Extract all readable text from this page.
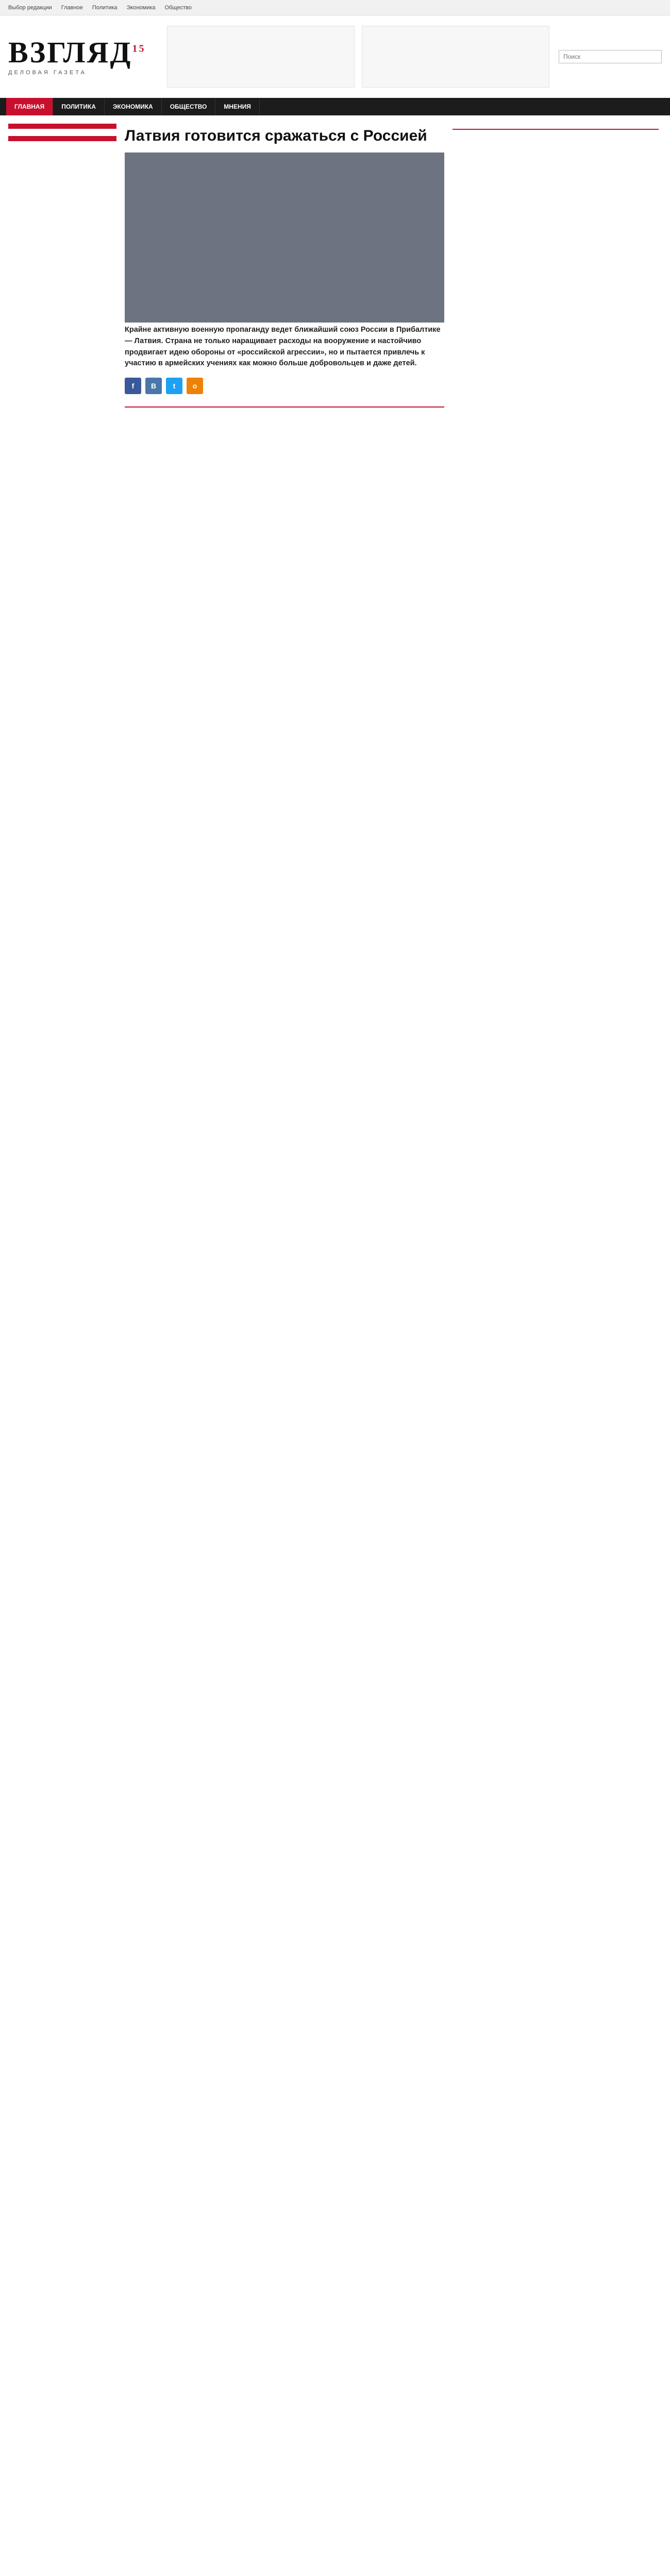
Выбор редакции Главное Политика Экономика Общество
ВЗГЛЯД$^{15}$
ДЕЛОВАЯ ГАЗЕТА
Поиск
ГЛАВНАЯ	ПОЛИТИКА	ЭКОНОМИКА	ОБЩЕСТВО	МНЕНИЯ
Латвия готовится сражаться с Россией

Крайне активную военную пропаганду ведет ближайший союз России в Прибалтике — Латвия. Страна не только наращивает расходы на вооружение и настойчиво продвигает идею обороны от «российской агрессии», но и пытается привлечь к участию в армейских учениях как можно больше добровольцев и даже детей.

f	B	t	o
